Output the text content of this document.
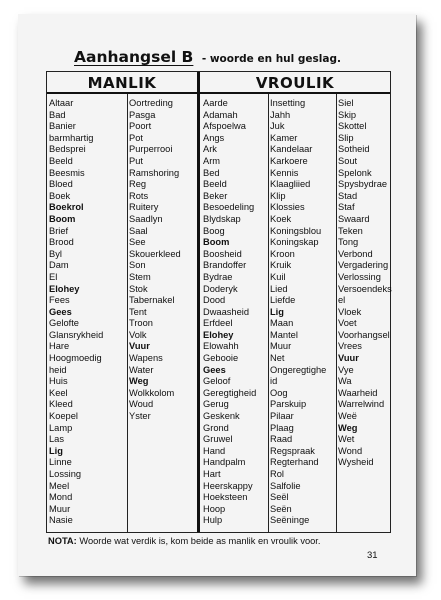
Aanhangsel B - woorde en hul geslag.
MANLIK	VROULIK
Altaar
Bad
Banier
barmhartig
Bedsprei
Beeld
Beesmis
Bloed
Boek
Boekrol
Boom
Brief
Brood
Byl
Dam
El
Elohey
Fees
Gees
Gelofte
Glansrykheid
Hare
Hoogmoedig
heid
Huis
Keel
Kleed
Koepel
Lamp
Las
Lig
Linne
Lossing
Meel
Mond
Muur
Nasie
Oortreding
Pasga
Poort
Pot
Purperrooi
Put
Ramshoring
Reg
Rots
Ruitery
Saadlyn
Saal
See
Skouerkleed
Son
Stem
Stok
Tabernakel
Tent
Troon
Volk
Vuur
Wapens
Water
Weg
Wolkkolom
Woud
Yster
Aarde
Adamah
Afspoelwa
Angs
Ark
Arm
Bed
Beeld
Beker
Besoedeling
Blydskap
Boog
Boom
Boosheid
Brandoffer
Bydrae
Doderyk
Dood
Dwaasheid
Erfdeel
Elohey
Elowahh
Gebooie
Gees
Geloof
Geregtigheid
Gerug
Geskenk
Grond
Gruwel
Hand
Handpalm
Hart
Heerskappy
Hoeksteen
Hoop
Hulp
Insetting
Jahh
Juk
Kamer
Kandelaar
Karkoere
Kennis
Klaagliied
Klip
Klossies
Koek
Koningsblou
Koningskap
Kroon
Kruik
Kuil
Lied
Liefde
Lig
Maan
Mantel
Muur
Net
Ongeregtighe
id
Oog
Parskuip
Pilaar
Plaag
Raad
Regspraak
Regterhand
Rol
Salfolie
Seël
Seën
Seëninge
Siel
Skip
Skottel
Slip
Sotheid
Sout
Spelonk
Spysbydrae
Stad
Staf
Swaard
Teken
Tong
Verbond
Vergadering
Verlossing
Versoendeks
el
Vloek
Voet
Voorhangsel
Vrees
Vuur
Vye
Wa
Waarheid
Warrelwind
Weë
Weg
Wet
Wond
Wysheid
NOTA: Woorde wat verdik is, kom beide as manlik en vroulik voor.
31
